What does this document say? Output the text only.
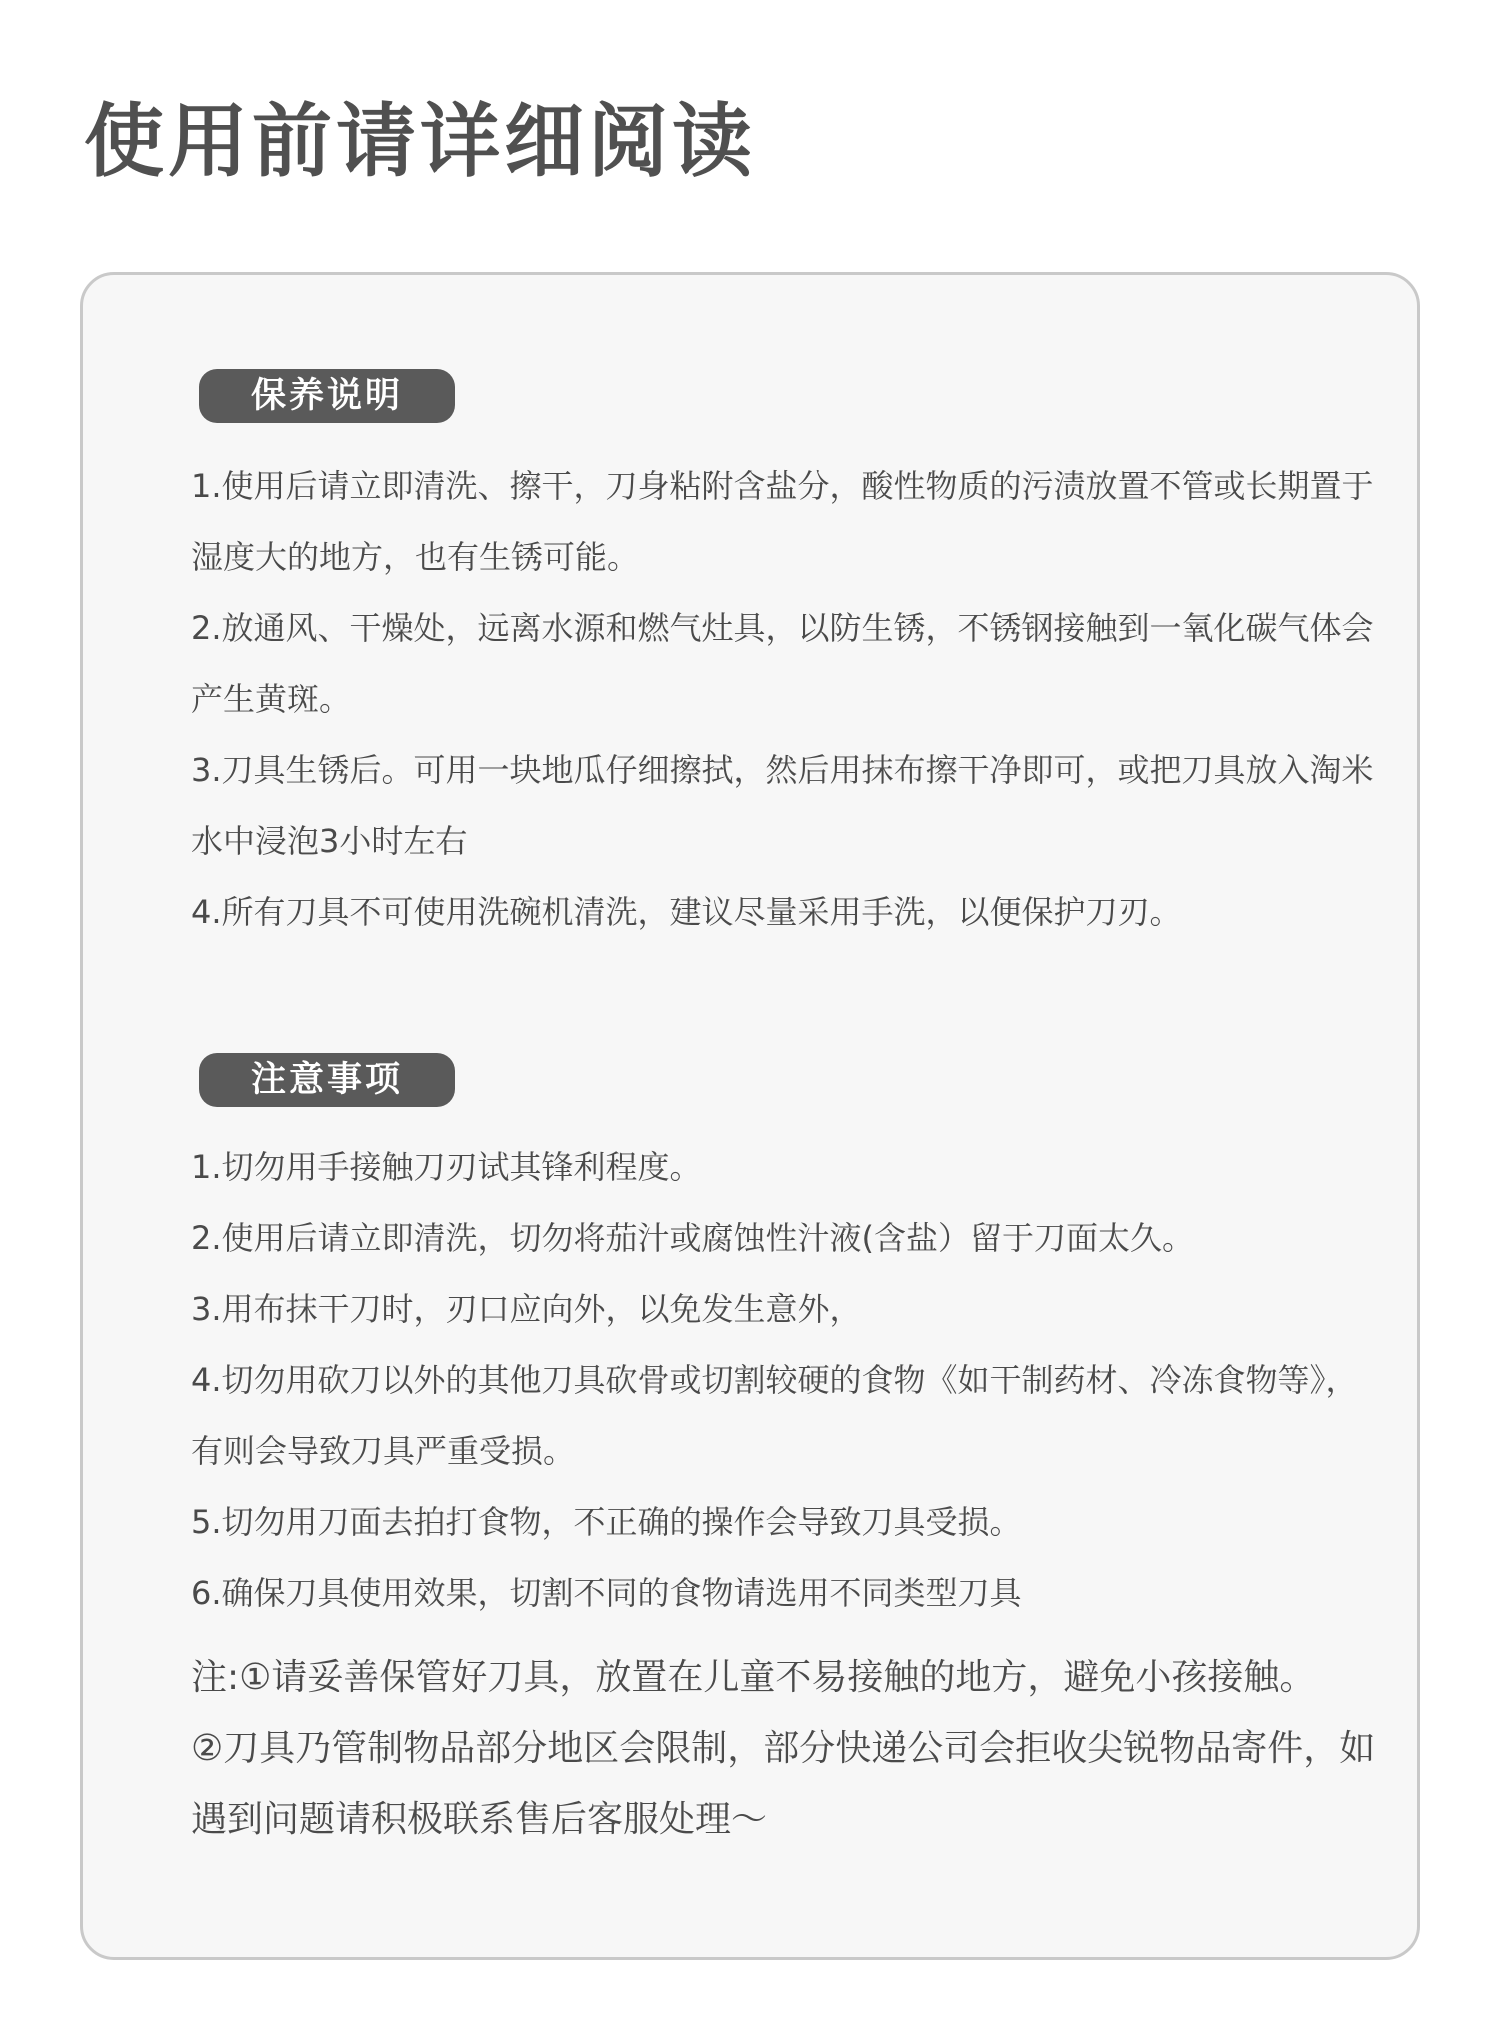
使用前请详细阅读
保养说明

1.使用后请立即清洗、擦干，刀身粘附含盐分，酸性物质的污渍放置不管或长期置于湿度大的地方，也有生锈可能。

2.放通风、干燥处，远离水源和燃气灶具，以防生锈，不锈钢接触到一氧化碳气体会产生黄斑。

3.刀具生锈后。可用一块地瓜仔细擦拭，然后用抹布擦干净即可，或把刀具放入淘米水中浸泡3小时左右

4.所有刀具不可使用洗碗机清洗，建议尽量采用手洗，以便保护刀刃。

注意事项

1.切勿用手接触刀刃试其锋利程度。

2.使用后请立即清洗，切勿将茄汁或腐蚀性汁液(含盐）留于刀面太久。

3.用布抹干刀时，刃口应向外，以免发生意外，

4.切勿用砍刀以外的其他刀具砍骨或切割较硬的食物《如干制药材、冷冻食物等》，有则会导致刀具严重受损。

5.切勿用刀面去拍打食物，不正确的操作会导致刀具受损。

6.确保刀具使用效果，切割不同的食物请选用不同类型刀具

注:①请妥善保管好刀具，放置在儿童不易接触的地方，避免小孩接触。

②刀具乃管制物品部分地区会限制，部分快递公司会拒收尖锐物品寄件，如遇到问题请积极联系售后客服处理～
